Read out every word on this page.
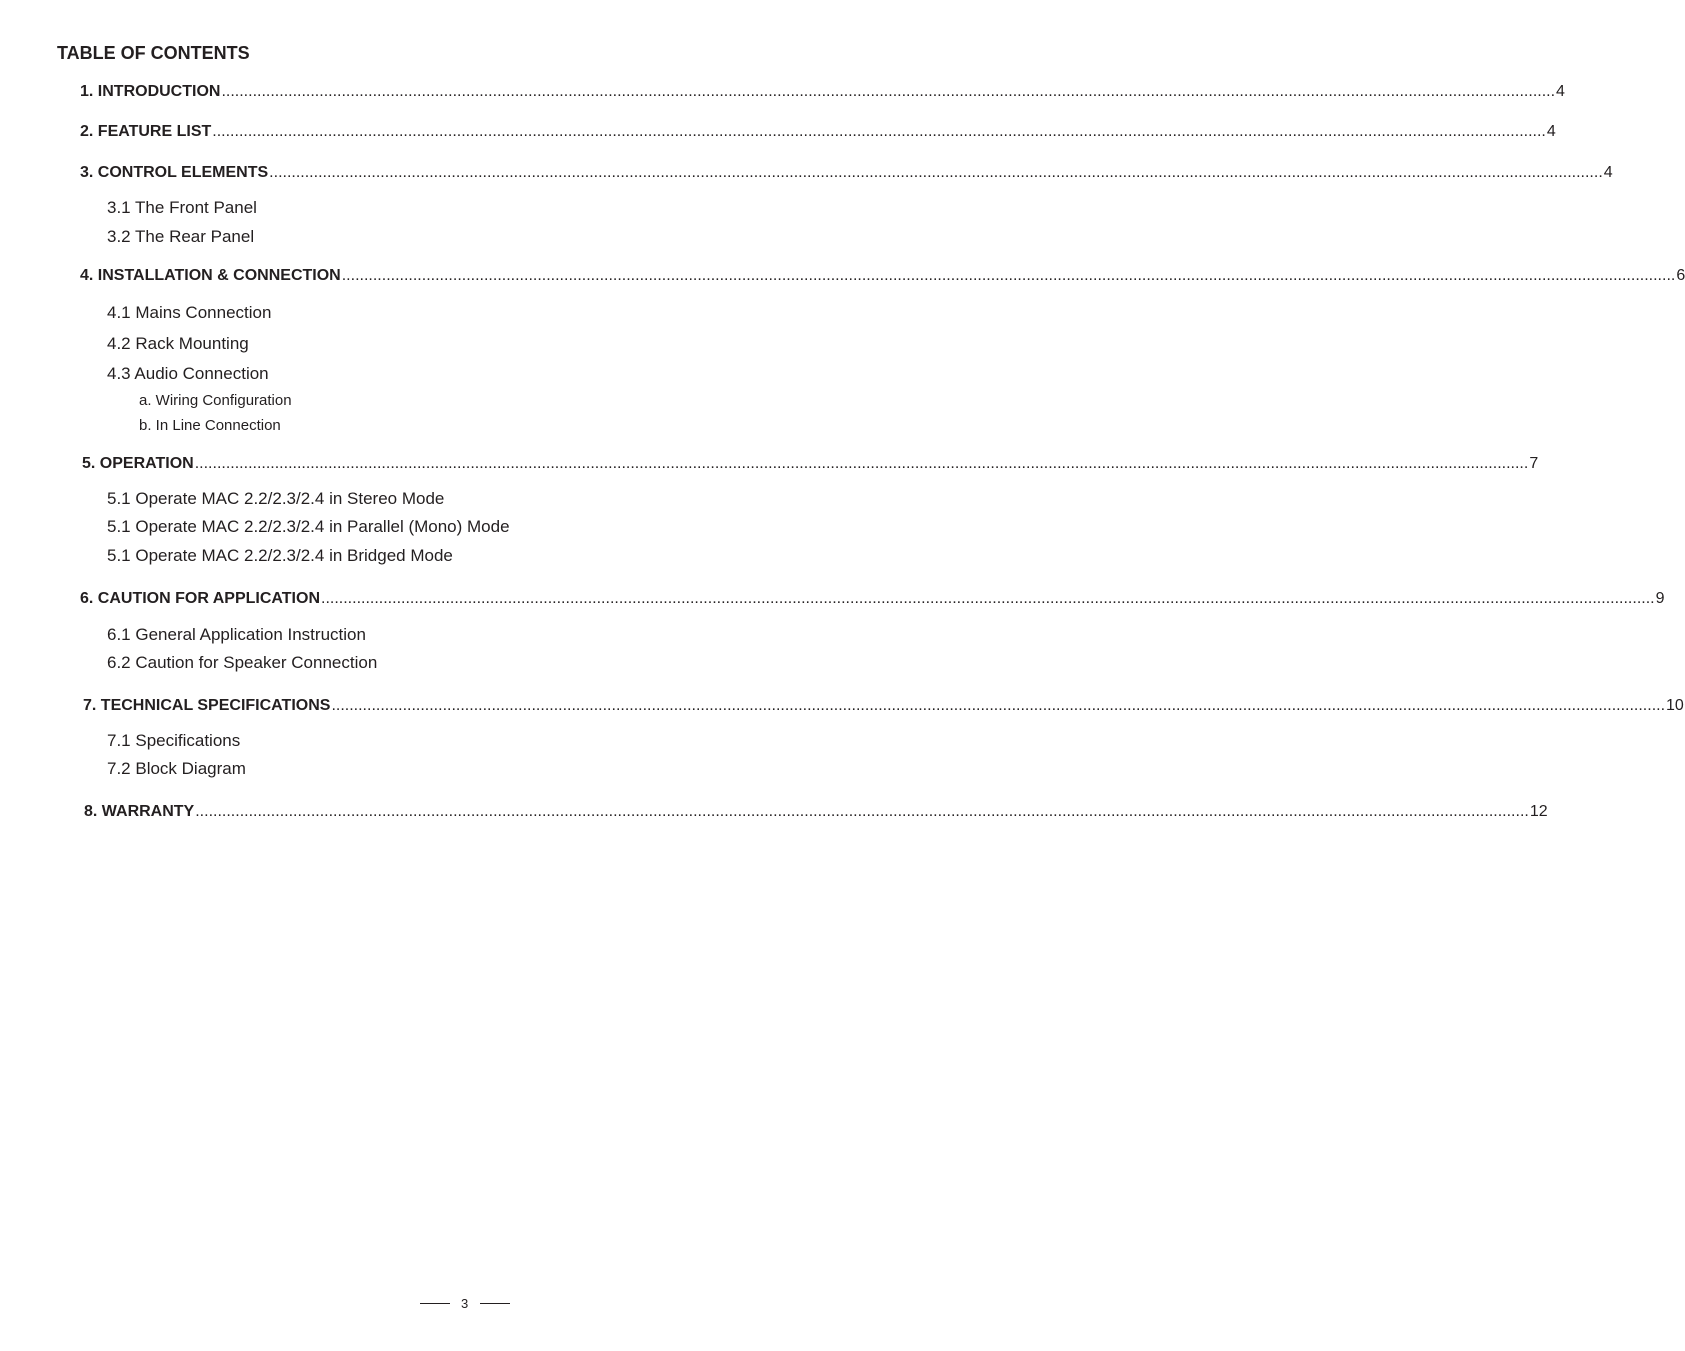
TABLE OF CONTENTS
1. INTRODUCTION ............................................................................................................................................................................................................................................................................................................ 4
2. FEATURE LIST ............................................................................................................................................................................................................................................................................................................ 4
3. CONTROL ELEMENTS ............................................................................................................................................................................................................................................................................................................ 4
3.1 The Front Panel
3.2 The Rear Panel
4. INSTALLATION & CONNECTION ............................................................................................................................................................................................................................................................................................................ 6
4.1 Mains Connection
4.2 Rack Mounting
4.3 Audio Connection
a. Wiring Configuration
b. In Line Connection
5. OPERATION ............................................................................................................................................................................................................................................................................................................ 7
5.1 Operate MAC 2.2/2.3/2.4 in Stereo Mode
5.1 Operate MAC 2.2/2.3/2.4 in Parallel (Mono) Mode
5.1 Operate MAC 2.2/2.3/2.4 in Bridged Mode
6. CAUTION FOR APPLICATION ............................................................................................................................................................................................................................................................................................................ 9
6.1 General Application Instruction
6.2 Caution for Speaker Connection
7. TECHNICAL SPECIFICATIONS ............................................................................................................................................................................................................................................................................................................ 10
7.1 Specifications
7.2 Block Diagram
8. WARRANTY ............................................................................................................................................................................................................................................................................................................ 12
3
